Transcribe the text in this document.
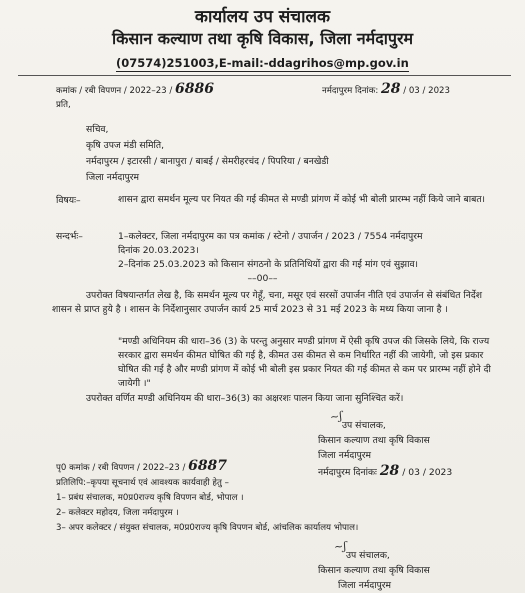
कार्यालय उप संचालक
किसान कल्याण तथा कृषि विकास, जिला नर्मदापुरम
(07574)251003,E-mail:-ddagrihos@mp.gov.in
कमांक / रबी विपणन / 2022–23 / 6886	नर्मदापुरम दिनांक: 28 / 03 / 2023
प्रति,
सचिव,
कृषि उपज मंडी समिति,
नर्मदापुरम / इटारसी / बानापुरा / बाबई / सेमरीहरचंद / पिपरिया / बनखेडी
जिला नर्मदापुरम
विषयः–	शासन द्वारा समर्थन मूल्य पर नियत की गई कीमत से मण्डी प्रांगण में कोई भी बोली प्रारम्भ नहीं किये जाने बाबत।
सन्दर्भः–	1–कलेक्टर, जिला नर्मदापुरम का पत्र कमांक / स्टेनो / उपार्जन / 2023 / 7554 नर्मदापुरम
दिनांक 20.03.2023।
2–दिनांक 25.03.2023 को किसान संगठनो के प्रतिनिधियों द्वारा की गई मांग एवं सुझाव।
––00––
उपरोक्त विषयान्तर्गत लेख है, कि समर्थन मूल्य पर गेहूँ, चना, मसूर एवं सरसों उपार्जन नीति एवं उपार्जन से संबंधित निर्देश शासन से प्राप्त हुये है । शासन के निर्देशानुसार उपार्जन कार्य 25 मार्च 2023 से 31 मई 2023 के मध्य किया जाना है ।
"मण्डी अधिनियम की धारा–36 (3) के परन्तु अनुसार मण्डी प्रांगण में ऐसी कृषि उपज की जिसके लिये, कि राज्य सरकार द्वारा समर्थन कीमत घोषित की गई है, कीमत उस कीमत से कम निर्धारित नहीं की जायेगी, जो इस प्रकार घोषित की गई है और मण्डी प्रांगण में कोई भी बोली इस प्रकार नियत की गई कीमत से कम पर प्रारम्भ नहीं होने दी जायेगी ।"
उपरोक्त वर्णित मण्डी अधिनियम की धारा–36(3) का अक्षरशः पालन किया जाना सुनिश्चित करें।
~ʃ
उप संचालक,
किसान कल्याण तथा कृषि विकास
जिला नर्मदापुरम
नर्मदापुरम दिनांकः 28 / 03 / 2023
पृ0 कमांक / रबी विपणन / 2022–23 / 6887
प्रतिलिपि:–कृपया सूचनार्थ एवं आवश्यक कार्यवाही हेतु –
1– प्रबंध संचालक, म0प्र0राज्य कृषि विपणन बोर्ड, भोपाल ।
2– कलेक्टर महोदय, जिला नर्मदापुरम ।
3– अपर कलेक्टर / संयुक्त संचालक, म0प्र0राज्य कृषि विपणन बोर्ड, आंचलिक कार्यालय भोपाल।
~ʃ
उप संचालक,
किसान कल्याण तथा कृषि विकास
जिला नर्मदापुरम
